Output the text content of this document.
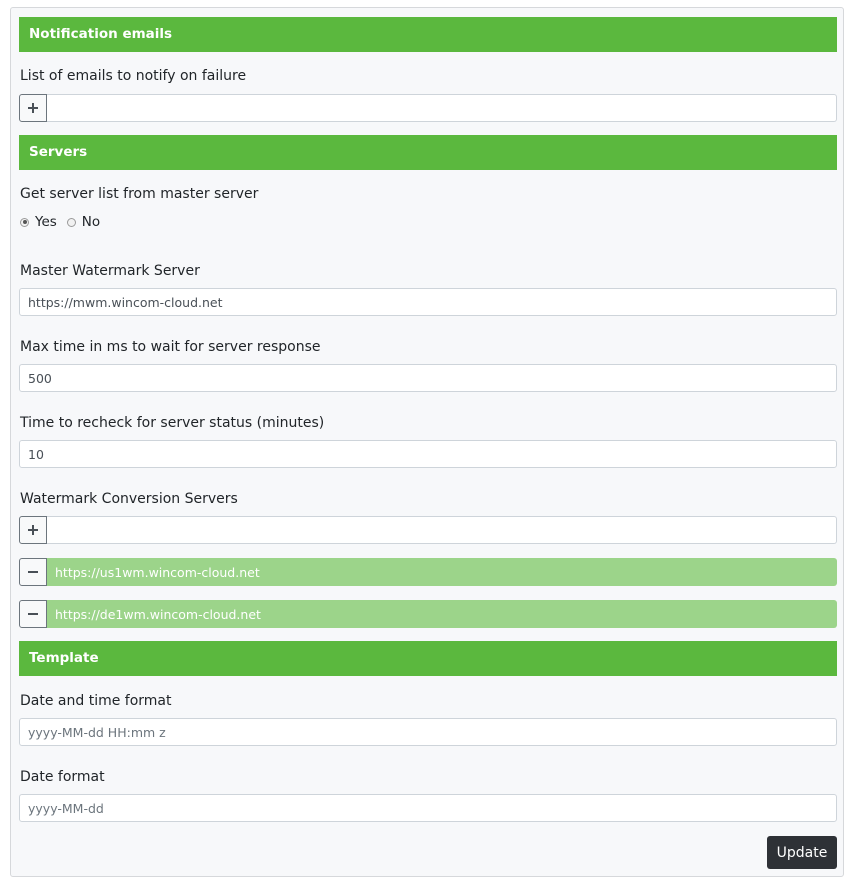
Notification emails
List of emails to notify on failure
Servers
Get server list from master server
Yes No
Master Watermark Server
https://mwm.wincom-cloud.net
Max time in ms to wait for server response
500
Time to recheck for server status (minutes)
10
Watermark Conversion Servers
https://us1wm.wincom-cloud.net
https://de1wm.wincom-cloud.net
Template
Date and time format
yyyy-MM-dd HH:mm z
Date format
yyyy-MM-dd
Update
